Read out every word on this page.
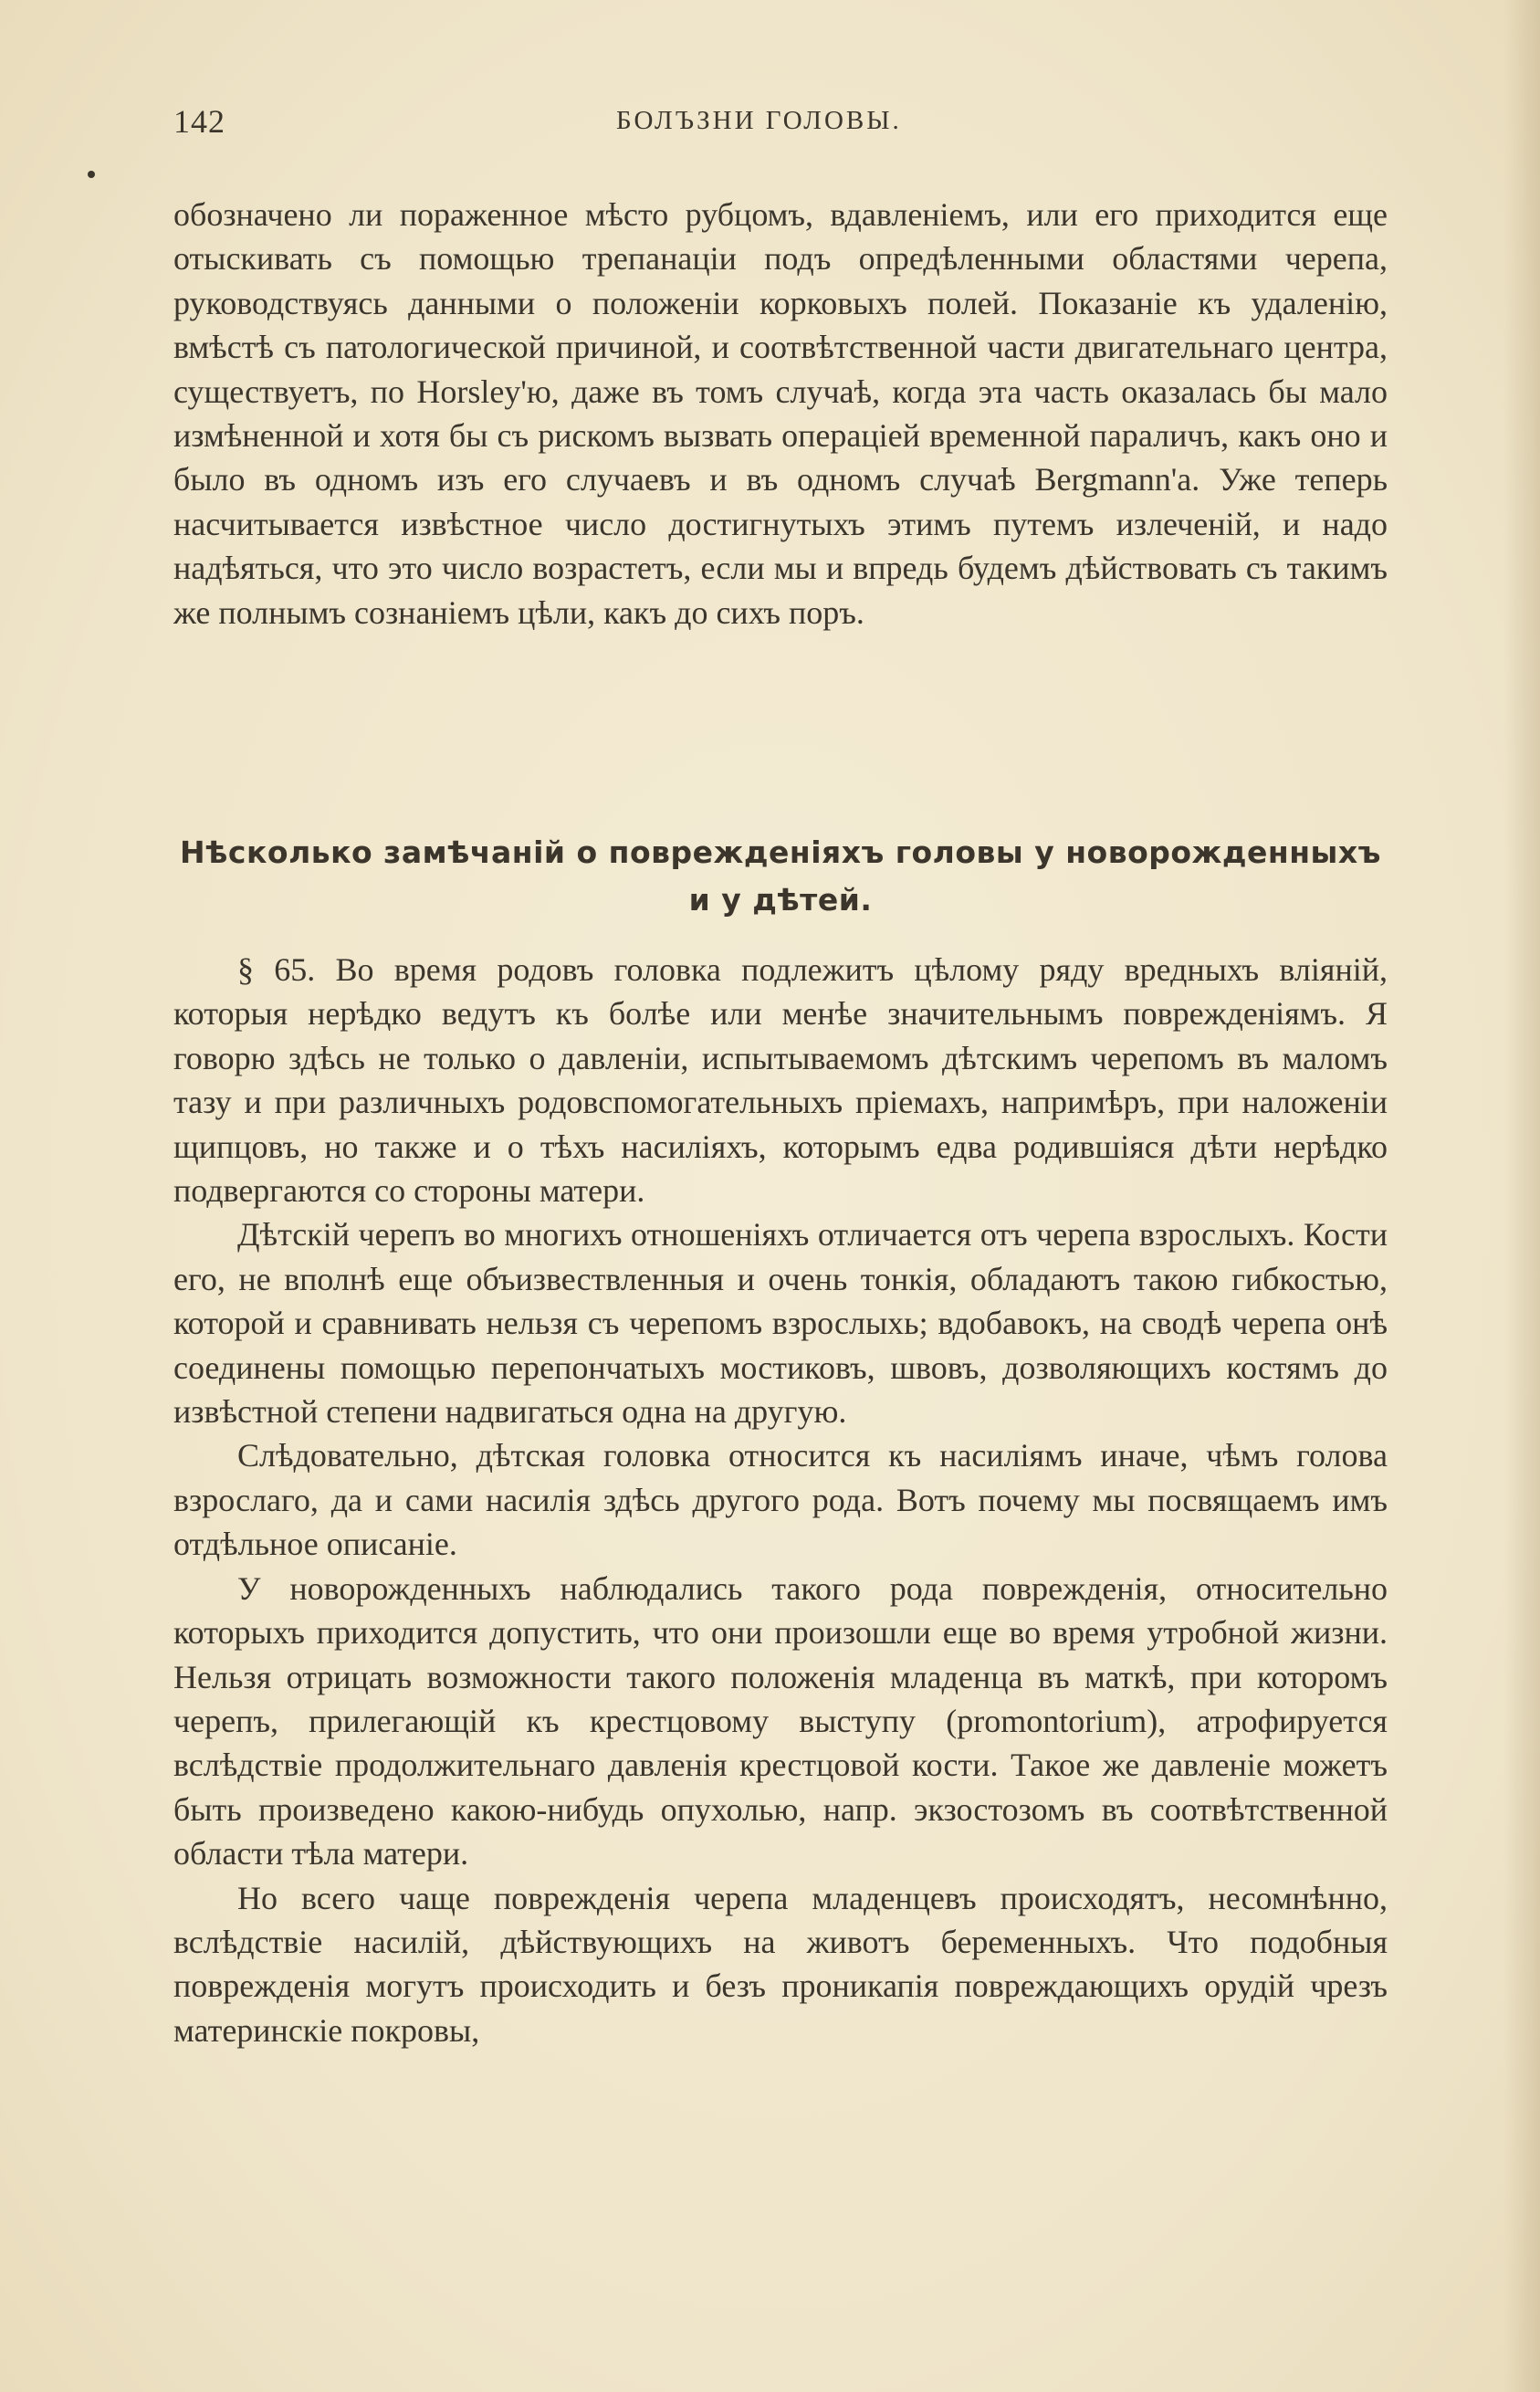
142	БОЛЪЗНИ ГОЛОВЫ.

обозначено ли пораженное мѣсто рубцомъ, вдавленіемъ, или его приходится еще отыскивать съ помощью трепанаціи подъ опредѣленными областями черепа, руководствуясь данными о положеніи корковыхъ полей. Показаніе къ удаленію, вмѣстѣ съ патологической причиной, и соотвѣтственной части двигательнаго центра, существуетъ, по Horsley'ю, даже въ томъ случаѣ, когда эта часть оказалась бы мало измѣненной и хотя бы съ рискомъ вызвать операціей временной параличъ, какъ оно и было въ одномъ изъ его случаевъ и въ одномъ случаѣ Bergmann'а. Уже теперь насчитывается извѣстное число достигнутыхъ этимъ путемъ излеченій, и надо надѣяться, что это число возрастетъ, если мы и впредь будемъ дѣйствовать съ такимъ же полнымъ сознаніемъ цѣли, какъ до сихъ поръ.

Нѣсколько замѣчаній о поврежденіяхъ головы у новорожденныхъ
и у дѣтей.

§ 65. Во время родовъ головка подлежитъ цѣлому ряду вредныхъ вліяній, которыя нерѣдко ведутъ къ болѣе или менѣе значительнымъ поврежденіямъ. Я говорю здѣсь не только о давленіи, испытываемомъ дѣтскимъ черепомъ въ маломъ тазу и при различныхъ родовспомогательныхъ пріемахъ, напримѣръ, при наложеніи щипцовъ, но также и о тѣхъ насиліяхъ, которымъ едва родившіяся дѣти нерѣдко подвергаются со стороны матери.

Дѣтскій черепъ во многихъ отношеніяхъ отличается отъ черепа взрослыхъ. Кости его, не вполнѣ еще объизвествленныя и очень тонкія, обладаютъ такою гибкостью, которой и сравнивать нельзя съ черепомъ взрослыхь; вдобавокъ, на сводѣ черепа онѣ соединены помощью перепончатыхъ мостиковъ, швовъ, дозволяющихъ костямъ до извѣстной степени надвигаться одна на другую.

Слѣдовательно, дѣтская головка относится къ насиліямъ иначе, чѣмъ голова взрослаго, да и сами насилія здѣсь другого рода. Вотъ почему мы посвящаемъ имъ отдѣльное описаніе.

У новорожденныхъ наблюдались такого рода поврежденія, относительно которыхъ приходится допустить, что они произошли еще во время утробной жизни. Нельзя отрицать возможности такого положенія младенца въ маткѣ, при которомъ черепъ, прилегающій къ крестцовому выступу (promontorium), атрофируется вслѣдствіе продолжительнаго давленія крестцовой кости. Такое же давленіе можетъ быть произведено какою-нибудь опухолью, напр. экзостозомъ въ соотвѣтственной области тѣла матери.

Но всего чаще поврежденія черепа младенцевъ происходятъ, несомнѣнно, вслѣдствіе насилій, дѣйствующихъ на животъ беременныхъ. Что подобныя поврежденія могутъ происходить и безъ проникапія повреждающихъ орудій чрезъ материнскіе покровы,
